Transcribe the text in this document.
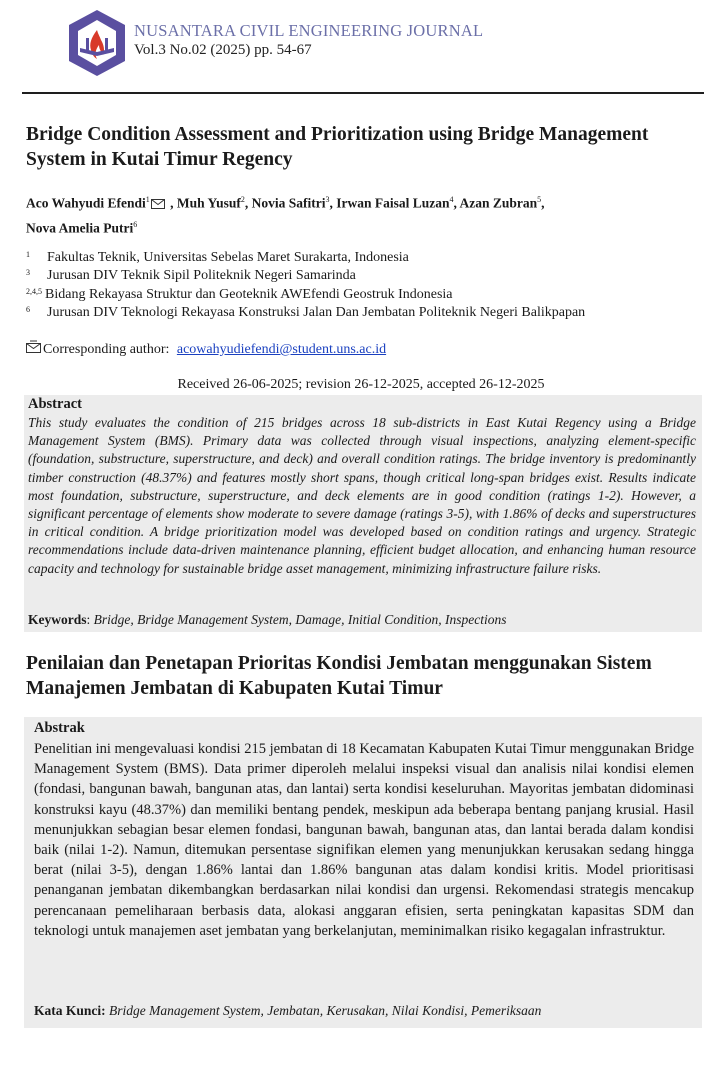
NUSANTARA CIVIL ENGINEERING JOURNAL
Vol.3 No.02 (2025) pp. 54-67
Bridge Condition Assessment and Prioritization using Bridge Management System in Kutai Timur Regency
Aco Wahyudi Efendi$^1$ , Muh Yusuf$^2$, Novia Safitri$^3$, Irwan Faisal Luzan$^4$, Azan Zubran$^5$,
Nova Amelia Putri$^6$
1 Fakultas Teknik, Universitas Sebelas Maret Surakarta, Indonesia
3 Jurusan DIV Teknik Sipil Politeknik Negeri Samarinda
2,4,5 Bidang Rekayasa Struktur dan Geoteknik AWEfendi Geostruk Indonesia
6 Jurusan DIV Teknologi Rekayasa Konstruksi Jalan Dan Jembatan Politeknik Negeri Balikpapan
Corresponding author: acowahyudiefendi@student.uns.ac.id
Received 26-06-2025; revision 26-12-2025, accepted 26-12-2025
Abstract
This study evaluates the condition of 215 bridges across 18 sub-districts in East Kutai Regency using a Bridge Management System (BMS). Primary data was collected through visual inspections, analyzing element-specific (foundation, substructure, superstructure, and deck) and overall condition ratings. The bridge inventory is predominantly timber construction (48.37%) and features mostly short spans, though critical long-span bridges exist. Results indicate most foundation, substructure, superstructure, and deck elements are in good condition (ratings 1-2). However, a significant percentage of elements show moderate to severe damage (ratings 3-5), with 1.86% of decks and superstructures in critical condition. A bridge prioritization model was developed based on condition ratings and urgency. Strategic recommendations include data-driven maintenance planning, efficient budget allocation, and enhancing human resource capacity and technology for sustainable bridge asset management, minimizing infrastructure failure risks.
Keywords: Bridge, Bridge Management System, Damage, Initial Condition, Inspections
Penilaian dan Penetapan Prioritas Kondisi Jembatan menggunakan Sistem Manajemen Jembatan di Kabupaten Kutai Timur
Abstrak
Penelitian ini mengevaluasi kondisi 215 jembatan di 18 Kecamatan Kabupaten Kutai Timur menggunakan Bridge Management System (BMS). Data primer diperoleh melalui inspeksi visual dan analisis nilai kondisi elemen (fondasi, bangunan bawah, bangunan atas, dan lantai) serta kondisi keseluruhan. Mayoritas jembatan didominasi konstruksi kayu (48.37%) dan memiliki bentang pendek, meskipun ada beberapa bentang panjang krusial. Hasil menunjukkan sebagian besar elemen fondasi, bangunan bawah, bangunan atas, dan lantai berada dalam kondisi baik (nilai 1-2). Namun, ditemukan persentase signifikan elemen yang menunjukkan kerusakan sedang hingga berat (nilai 3-5), dengan 1.86% lantai dan 1.86% bangunan atas dalam kondisi kritis. Model prioritisasi penanganan jembatan dikembangkan berdasarkan nilai kondisi dan urgensi. Rekomendasi strategis mencakup perencanaan pemeliharaan berbasis data, alokasi anggaran efisien, serta peningkatan kapasitas SDM dan teknologi untuk manajemen aset jembatan yang berkelanjutan, meminimalkan risiko kegagalan infrastruktur.
Kata Kunci: Bridge Management System, Jembatan, Kerusakan, Nilai Kondisi, Pemeriksaan
